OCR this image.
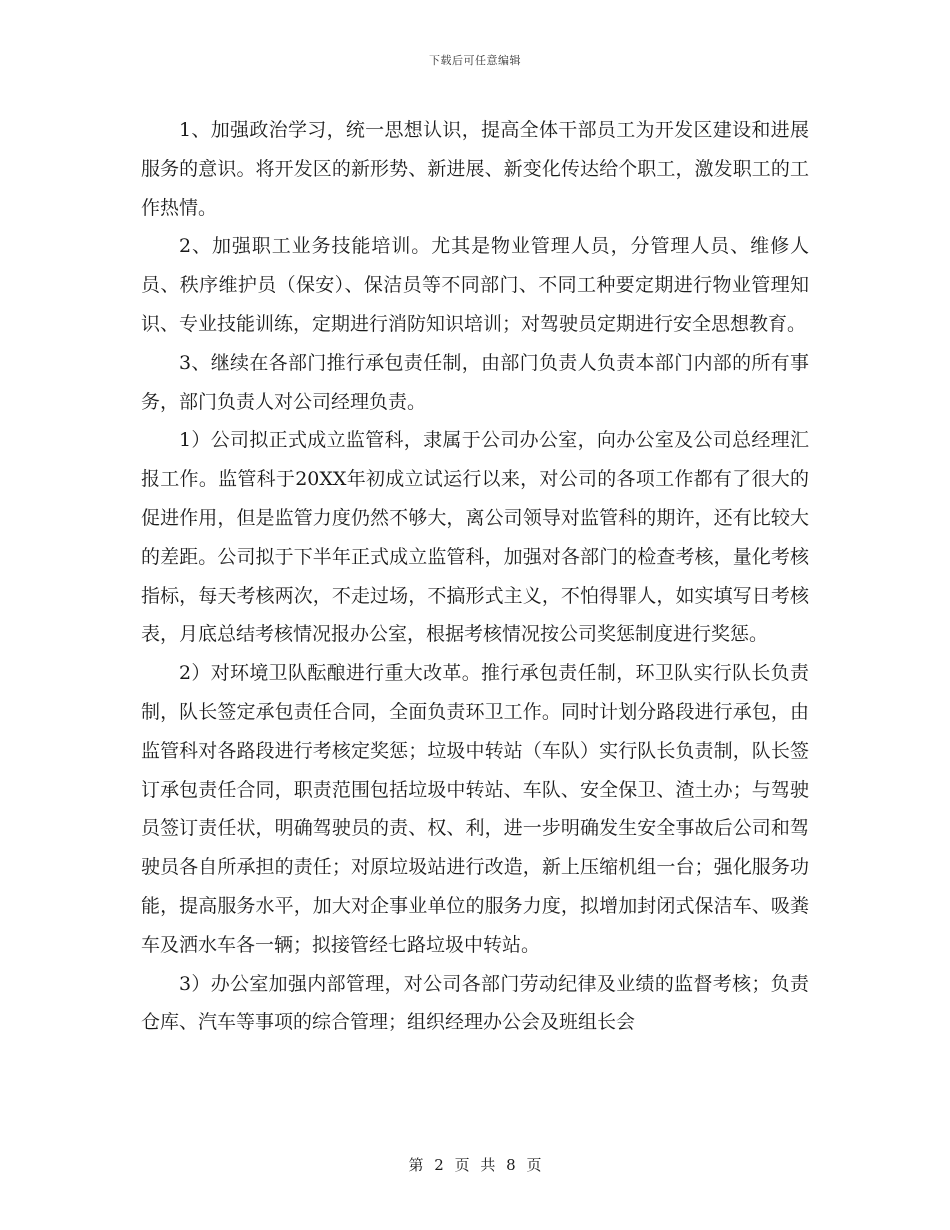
下载后可任意编辑

1、加强政治学习，统一思想认识，提高全体干部员工为开发区建设和进展服务的意识。将开发区的新形势、新进展、新变化传达给个职工，激发职工的工作热情。

2、加强职工业务技能培训。尤其是物业管理人员，分管理人员、维修人员、秩序维护员（保安）、保洁员等不同部门、不同工种要定期进行物业管理知识、专业技能训练，定期进行消防知识培训；对驾驶员定期进行安全思想教育。

3、继续在各部门推行承包责任制，由部门负责人负责本部门内部的所有事务，部门负责人对公司经理负责。

1）公司拟正式成立监管科，隶属于公司办公室，向办公室及公司总经理汇报工作。监管科于20XX年初成立试运行以来，对公司的各项工作都有了很大的促进作用，但是监管力度仍然不够大，离公司领导对监管科的期许，还有比较大的差距。公司拟于下半年正式成立监管科，加强对各部门的检查考核，量化考核指标，每天考核两次，不走过场，不搞形式主义，不怕得罪人，如实填写日考核表，月底总结考核情况报办公室，根据考核情况按公司奖惩制度进行奖惩。

2）对环境卫队酝酿进行重大改革。推行承包责任制，环卫队实行队长负责制，队长签定承包责任合同，全面负责环卫工作。同时计划分路段进行承包，由监管科对各路段进行考核定奖惩；垃圾中转站（车队）实行队长负责制，队长签订承包责任合同，职责范围包括垃圾中转站、车队、安全保卫、渣土办；与驾驶员签订责任状，明确驾驶员的责、权、利，进一步明确发生安全事故后公司和驾驶员各自所承担的责任；对原垃圾站进行改造，新上压缩机组一台；强化服务功能，提高服务水平，加大对企事业单位的服务力度，拟增加封闭式保洁车、吸粪车及洒水车各一辆；拟接管经七路垃圾中转站。

3）办公室加强内部管理，对公司各部门劳动纪律及业绩的监督考核；负责仓库、汽车等事项的综合管理；组织经理办公会及班组长会

第 2 页 共 8 页
